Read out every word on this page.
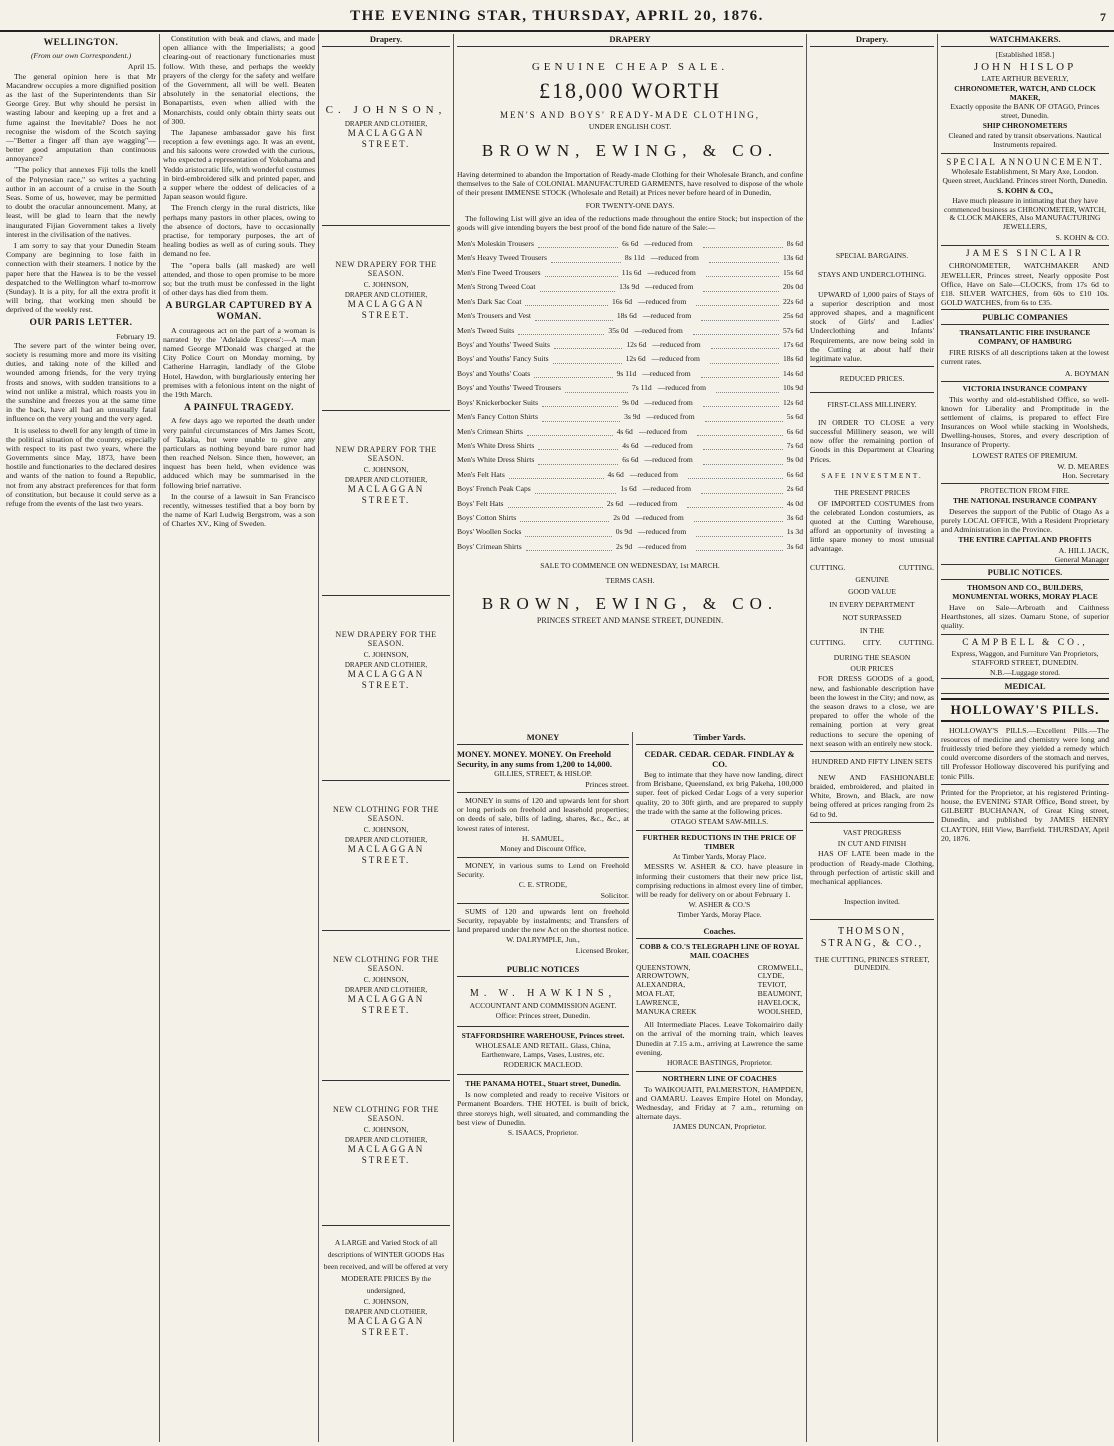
THE EVENING STAR, THURSDAY, APRIL 20, 1876.	7
WELLINGTON.
(From our own Correspondent.)
April 15.

The general opinion here is that Mr Macandrew occupies a more dignified position as the last of the Superintendents than Sir George Grey. But why should he persist in wasting labour and keeping up a fret and a fume against the Inevitable? Does he not recognise the wisdom of the Scotch saying—"Better a finger aff than aye wagging"—better good amputation than continuous annoyance?

"The policy that annexes Fiji tolls the knell of the Polynesian race," so writes a yachting author in an account of a cruise in the South Seas. Some of us, however, may be permitted to doubt the oracular announcement. Many, at least, will be glad to learn that the newly inaugurated Fijian Government takes a lively interest in the civilisation of the natives.

I am sorry to say that your Dunedin Steam Company are beginning to lose faith in connection with their steamers. I notice by the paper here that the Hawea is to be the vessel despatched to the Wellington wharf to-morrow (Sunday). It is a pity, for all the extra profit it will bring, that working men should be deprived of the weekly rest.

OUR PARIS LETTER.
February 19.

The severe part of the winter being over, society is resuming more and more its visiting duties, and taking note of the killed and wounded among friends, for the very trying frosts and snows, with sudden transitions to a wind not unlike a mistral, which roasts you in the sunshine and freezes you at the same time in the back, have all had an unusually fatal influence on the very young and the very aged.

It is useless to dwell for any length of time in the political situation of the country, especially with respect to its past two years, where the Governments since May, 1873, have been hostile and functionaries to the declared desires and wants of the nation to found a Republic, not from any abstract preferences for that form of constitution, but because it could serve as a refuge from the events of the last two years.

Constitution with beak and claws, and made open alliance with the Imperialists; a good clearing-out of reactionary functionaries must follow. With these, and perhaps the weekly prayers of the clergy for the safety and welfare of the Government, all will be well. Beaten absolutely in the senatorial elections, the Bonapartists, even when allied with the Monarchists, could only obtain thirty seats out of 300.

The Japanese ambassador gave his first reception a few evenings ago. It was an event, and his saloons were crowded with the curious, who expected a representation of Yokohama and Yeddo aristocratic life, with wonderful costumes in bird-embroidered silk and printed paper, and a supper where the oddest of delicacies of a Japan season would figure.

The French clergy in the rural districts, like perhaps many pastors in other places, owing to the absence of doctors, have to occasionally practise, for temporary purposes, the art of healing bodies as well as of curing souls. They demand no fee.

The "opera balls (all masked) are well attended, and those to open promise to be more so; but the truth must be confessed in the light of other days has died from them.

A BURGLAR CAPTURED BY A WOMAN.

A courageous act on the part of a woman is narrated by the 'Adelaide Express':—A man named George M'Donald was charged at the City Police Court on Monday morning, by Catherine Harragin, landlady of the Globe Hotel, Hawdon, with burglariously entering her premises with a felonious intent on the night of the 19th March.

A PAINFUL TRAGEDY.

A few days ago we reported the death under very painful circumstances of Mrs James Scott, of Takaka, but were unable to give any particulars as nothing beyond bare rumor had then reached Nelson. Since then, however, an inquest has been held, when evidence was adduced which may be summarised in the following brief narrative.

In the course of a lawsuit in San Francisco recently, witnesses testified that a boy born by the name of Karl Ludwig Bergstrom, was a son of Charles XV., King of Sweden.

Drapery.
C. JOHNSON,
DRAPER AND CLOTHIER,
MACLAGGAN STREET.
NEW DRAPERY FOR THE SEASON.
C. JOHNSON,
DRAPER AND CLOTHIER,
MACLAGGAN STREET.
NEW DRAPERY FOR THE SEASON.
C. JOHNSON,
DRAPER AND CLOTHIER,
MACLAGGAN STREET.
NEW DRAPERY FOR THE SEASON.
C. JOHNSON,
DRAPER AND CLOTHIER,
MACLAGGAN STREET.
NEW CLOTHING FOR THE SEASON.
C. JOHNSON,
DRAPER AND CLOTHIER,
MACLAGGAN STREET.
NEW CLOTHING FOR THE SEASON.
C. JOHNSON,
DRAPER AND CLOTHIER,
MACLAGGAN STREET.
NEW CLOTHING FOR THE SEASON.
C. JOHNSON,
DRAPER AND CLOTHIER,
MACLAGGAN STREET.
A LARGE and Varied Stock of all descriptions of WINTER GOODS Has been received, and will be offered at very MODERATE PRICES By the undersigned,
C. JOHNSON,
DRAPER AND CLOTHIER,
MACLAGGAN STREET.
DRAPERY
GENUINE CHEAP SALE.
£18,000 WORTH
MEN'S AND BOYS' READY-MADE CLOTHING,
UNDER ENGLISH COST.
BROWN, EWING, & CO.

Having determined to abandon the Importation of Ready-made Clothing for their Wholesale Branch, and confine themselves to the Sale of COLONIAL MANUFACTURED GARMENTS, have resolved to dispose of the whole of their present IMMENSE STOCK (Wholesale and Retail) at Prices never before heard of in Dunedin,

FOR TWENTY-ONE DAYS.

The following List will give an idea of the reductions made throughout the entire Stock; but inspection of the goods will give intending buyers the best proof of the bond fide nature of the Sale:—

Men's Moleskin Trousers	6s 6d —reduced from	8s 6d
Men's Heavy Tweed Trousers	8s 11d —reduced from	13s 6d
Men's Fine Tweed Trousers	11s 6d —reduced from	15s 6d
Men's Strong Tweed Coat	13s 9d —reduced from	20s 0d
Men's Dark Sac Coat	16s 6d —reduced from	22s 6d
Men's Trousers and Vest	18s 6d —reduced from	25s 6d
Men's Tweed Suits	35s 0d —reduced from	57s 6d
Boys' and Youths' Tweed Suits	12s 6d —reduced from	17s 6d
Boys' and Youths' Fancy Suits	12s 6d —reduced from	18s 6d
Boys' and Youths' Coats	9s 11d —reduced from	14s 6d
Boys' and Youths' Tweed Trousers	7s 11d —reduced from	10s 9d
Boys' Knickerbocker Suits	9s 0d —reduced from	12s 6d
Men's Fancy Cotton Shirts	3s 9d —reduced from	5s 6d
Men's Crimean Shirts	4s 6d —reduced from	6s 6d
Men's White Dress Shirts	4s 6d —reduced from	7s 6d
Men's White Dress Shirts	6s 6d —reduced from	9s 0d
Men's Felt Hats	4s 6d —reduced from	6s 6d
Boys' French Peak Caps	1s 6d —reduced from	2s 6d
Boys' Felt Hats	2s 6d —reduced from	4s 0d
Boys' Cotton Shirts	2s 0d —reduced from	3s 6d
Boys' Woollen Socks	0s 9d —reduced from	1s 3d
Boys' Crimean Shirts	2s 9d —reduced from	3s 6d
SALE TO COMMENCE ON WEDNESDAY, 1st MARCH.
TERMS CASH.
BROWN, EWING, & CO.
PRINCES STREET AND MANSE STREET, DUNEDIN.
MONEY
MONEY. MONEY. MONEY. On Freehold Security, in any sums from 1,200 to 14,000.
GILLIES, STREET, & HISLOP.
Princes street.

MONEY in sums of 120 and upwards lent for short or long periods on freehold and leasehold properties; on deeds of sale, bills of lading, shares, &c., &c., at lowest rates of interest.

H. SAMUEL,
Money and Discount Office,

MONEY, in various sums to Lend on Freehold Security.

C. E. STRODE,
Solicitor.

SUMS of 120 and upwards lent on freehold Security, repayable by instalments; and Transfers of land prepared under the new Act on the shortest notice.

W. DALRYMPLE, Jun.,
Licensed Broker,
PUBLIC NOTICES
M. W. HAWKINS,
ACCOUNTANT AND COMMISSION AGENT.
Office: Princes street, Dunedin.
STAFFORDSHIRE WAREHOUSE, Princes street.
WHOLESALE AND RETAIL. Glass, China, Earthenware, Lamps, Vases, Lustres, etc.
RODERICK MACLEOD.
THE PANAMA HOTEL, Stuart street, Dunedin.

Is now completed and ready to receive Visitors or Permanent Boarders. THE HOTEL is built of brick, three storeys high, well situated, and commanding the best view of Dunedin.

S. ISAACS, Proprietor.
Timber Yards.
CEDAR. CEDAR. CEDAR. FINDLAY & CO.

Beg to intimate that they have now landing, direct from Brisbane, Queensland, ex brig Pakeha, 100,000 super. feet of picked Cedar Logs of a very superior quality, 20 to 30ft girth, and are prepared to supply the trade with the same at the following prices.

OTAGO STEAM SAW-MILLS.
FURTHER REDUCTIONS IN THE PRICE OF TIMBER
At Timber Yards, Moray Place.

MESSRS W. ASHER & CO. have pleasure in informing their customers that their new price list, comprising reductions in almost every line of timber, will be ready for delivery on or about February 1.

W. ASHER & CO.'S
Timber Yards, Moray Place.
Coaches.
COBB & CO.'S TELEGRAPH LINE OF ROYAL MAIL COACHES
QUEENSTOWN,
ARROWTOWN,
ALEXANDRA,
MOA FLAT,
LAWRENCE,
MANUKA CREEK
CROMWELL,
CLYDE,
TEVIOT,
BEAUMONT,
HAVELOCK,
WOOLSHED,

All Intermediate Places. Leave Tokomairiro daily on the arrival of the morning train, which leaves Dunedin at 7.15 a.m., arriving at Lawrence the same evening.

HORACE BASTINGS, Proprietor.
NORTHERN LINE OF COACHES

To WAIKOUAITI, PALMERSTON, HAMPDEN, and OAMARU. Leaves Empire Hotel on Monday, Wednesday, and Friday at 7 a.m., returning on alternate days.

JAMES DUNCAN, Proprietor.
Drapery.
SPECIAL BARGAINS.
STAYS AND UNDERCLOTHING.

UPWARD of 1,000 pairs of Stays of a superior description and most approved shapes, and a magnificent stock of Girls' and Ladies' Underclothing and Infants' Requirements, are now being sold in the Cutting at about half their legitimate value.

REDUCED PRICES.
FIRST-CLASS MILLINERY.

IN ORDER TO CLOSE a very successful Millinery season, we will now offer the remaining portion of Goods in this Department at Clearing Prices.

SAFE INVESTMENT.
THE PRESENT PRICES

OF IMPORTED COSTUMES from the celebrated London costumiers, as quoted at the Cutting Warehouse, afford an opportunity of investing a little spare money to most unusual advantage.

CUTTING.	CUTTING.
GENUINE
GOOD VALUE
IN EVERY DEPARTMENT
NOT SURPASSED
IN THE
CUTTING. CITY. CUTTING.
DURING THE SEASON
OUR PRICES

FOR DRESS GOODS of a good, new, and fashionable description have been the lowest in the City; and now, as the season draws to a close, we are prepared to offer the whole of the remaining portion at very great reductions to secure the opening of next season with an entirely new stock.

HUNDRED AND FIFTY LINEN SETS

NEW AND FASHIONABLE braided, embroidered, and plaited in White, Brown, and Black, are now being offered at prices ranging from 2s 6d to 9d.

VAST PROGRESS
IN CUT AND FINISH

HAS OF LATE been made in the production of Ready-made Clothing, through perfection of artistic skill and mechanical appliances.

Inspection invited.
THOMSON, STRANG, & CO.,
THE CUTTING, PRINCES STREET, DUNEDIN.
WATCHMAKERS.
[Established 1858.]
JOHN HISLOP
LATE ARTHUR BEVERLY,
CHRONOMETER, WATCH, AND CLOCK MAKER,
Exactly opposite the BANK OF OTAGO, Princes street, Dunedin.
SHIP CHRONOMETERS
Cleaned and rated by transit observations. Nautical Instruments repaired.
SPECIAL ANNOUNCEMENT.
Wholesale Establishment, St Mary Axe, London. Queen street, Auckland. Princes street North, Dunedin.
S. KOHN & CO.,
Have much pleasure in intimating that they have commenced business as CHRONOMETER, WATCH, & CLOCK MAKERS, Also MANUFACTURING JEWELLERS,
S. KOHN & CO.
JAMES SINCLAIR

CHRONOMETER, WATCHMAKER AND JEWELLER, Princes street, Nearly opposite Post Office, Have on Sale—CLOCKS, from 17s 6d to £18. SILVER WATCHES, from 60s to £10 10s. GOLD WATCHES, from 6s to £35.

PUBLIC COMPANIES
TRANSATLANTIC FIRE INSURANCE COMPANY, OF HAMBURG

FIRE RISKS of all descriptions taken at the lowest current rates.

A. BOYMAN
VICTORIA INSURANCE COMPANY

This worthy and old-established Office, so well-known for Liberality and Promptitude in the settlement of claims, is prepared to effect Fire Insurances on Wool while stacking in Woolsheds, Dwelling-houses, Stores, and every description of Insurance of Property.

LOWEST RATES OF PREMIUM.
W. D. MEARES
Hon. Secretary
PROTECTION FROM FIRE.
THE NATIONAL INSURANCE COMPANY

Deserves the support of the Public of Otago As a purely LOCAL OFFICE, With a Resident Proprietary and Administration in the Province.

THE ENTIRE CAPITAL AND PROFITS
A. HILL JACK,
General Manager
PUBLIC NOTICES.
THOMSON AND CO., BUILDERS, MONUMENTAL WORKS, MORAY PLACE

Have on Sale—Arbroath and Caithness Hearthstones, all sizes. Oamaru Stone, of superior quality.

CAMPBELL & CO.,
Express, Waggon, and Furniture Van Proprietors, STAFFORD STREET, DUNEDIN.
N.B.—Luggage stored.
MEDICAL
HOLLOWAY'S PILLS.

HOLLOWAY'S PILLS.—Excellent Pills.—The resources of medicine and chemistry were long and fruitlessly tried before they yielded a remedy which could overcome disorders of the stomach and nerves, till Professor Holloway discovered his purifying and tonic Pills.

Printed for the Proprietor, at his registered Printing-house, the EVENING STAR Office, Bond street, by GILBERT BUCHANAN, of Great King street, Dunedin, and published by JAMES HENRY CLAYTON, Hill View, Barrfield. THURSDAY, April 20, 1876.
